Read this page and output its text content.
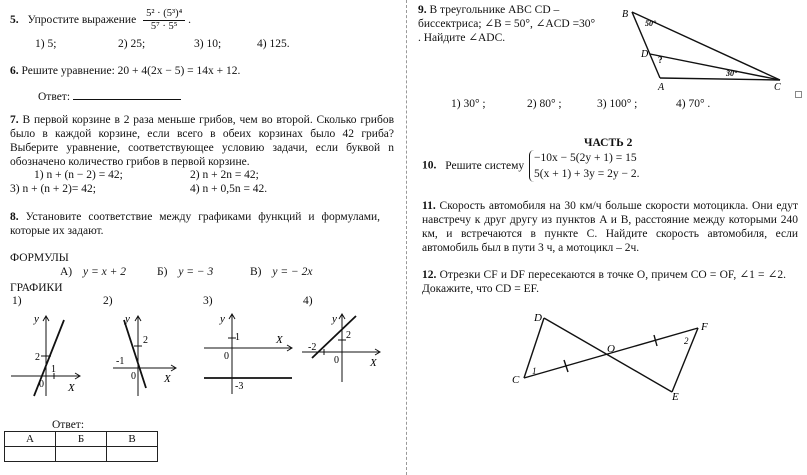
5. Упростите выражение $\frac{\text{5² · (5³)⁴}}{\text{5⁷ · 5⁵}}$ .
1) 5;	2) 25;	3) 10;	4) 125.
6. Решите уравнение: 20 + 4(2x − 5) = 14x + 12.
Ответ:
7. В первой корзине в 2 раза меньше грибов, чем во второй. Сколько грибов было в каждой корзине, если всего в обеих корзинах было 42 гриба? Выберите уравнение, соответствующее условию задачи, если буквой n обозначено количество грибов в первой корзине.
1) n + (n − 2) = 42;	2) n + 2n = 42;
3) n + (n + 2)= 42;	4) n + 0,5n = 42.
8. Установите соответствие между графиками функций и формулами, которые их задают.
ФОРМУЛЫ
А) y = x + 2	Б) y = − 3	В) y = − 2x
ГРАФИКИ
1)	2)	3)	4)
y
X
0
2
1
y
X
0
2
-1
y
X
0
1
-3
y
X
0
2
-2
Ответ:
А	Б	В

9. В треугольнике ABC CD – биссектриса; ∠B = 50°, ∠ACD =30° . Найдите ∠ADC.
B
50°
D ?
A
30°
C
1) 30° ;	2) 80° ;	3) 100° ;	4) 70° .
ЧАСТЬ 2
10. Решите систему −10x − 5(2y + 1) = 15
5(x + 1) + 3y = 2y − 2.
11. Скорость автомобиля на 30 км/ч больше скорости мотоцикла. Они едут навстречу к друг другу из пунктов A и B, расстояние между которыми 240 км, и встречаются в пункте C. Найдите скорость автомобиля, если автомобиль был в пути 3 ч, а мотоцикл – 2ч.
12. Отрезки CF и DF пересекаются в точке O, причем CO = OF, ∠1 = ∠2. Докажите, что CD = EF.
D
C
1
O
F
2
E
